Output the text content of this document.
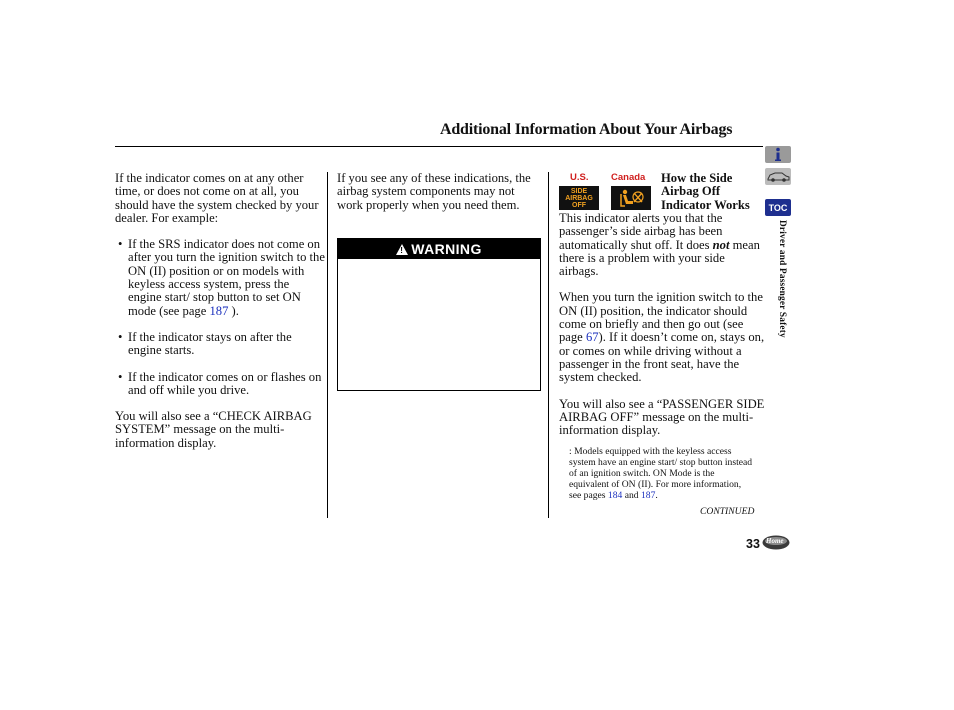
Additional Information About Your Airbags
If the indicator comes on at any other time, or does not come on at all, you should have the system checked by your dealer. For example:
• If the SRS indicator does not come on after you turn the ignition switch to the ON (II) position or on models with keyless access system, press the engine start/ stop button to set ON mode (see page 187 ).
• If the indicator stays on after the engine starts.
• If the indicator comes on or flashes on and off while you drive.
You will also see a “CHECK AIRBAG SYSTEM” message on the multi-information display.
If you see any of these indications, the airbag system components may not work properly when you need them.
! WARNING
U.S. Canada
SIDE AIRBAG OFF
How the Side Airbag Off Indicator Works
This indicator alerts you that the passenger’s side airbag has been automatically shut off. It does not mean there is a problem with your side airbags.
When you turn the ignition switch to the ON (II) position, the indicator should come on briefly and then go out (see page 67). If it doesn’t come on, stays on, or comes on while driving without a passenger in the front seat, have the system checked.
You will also see a “PASSENGER SIDE AIRBAG OFF” message on the multi-information display.
: Models equipped with the keyless access system have an engine start/ stop button instead of an ignition switch. ON Mode is the equivalent of ON (II). For more information, see pages 184 and 187.
CONTINUED
33
TOC
Driver and Passenger Safety
Home
